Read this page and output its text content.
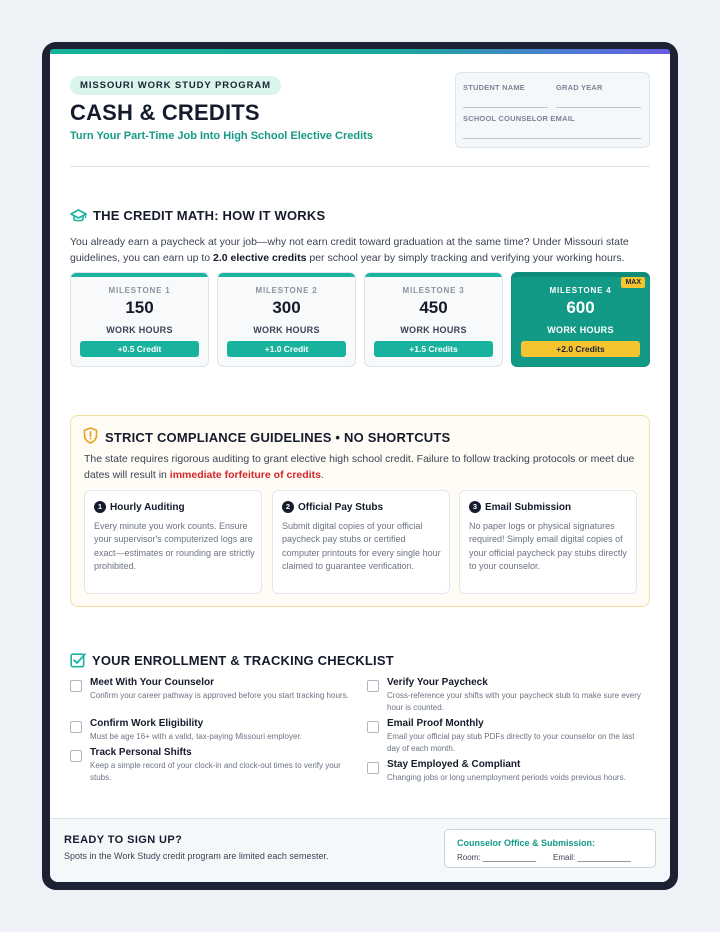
MISSOURI WORK STUDY PROGRAM
CASH & CREDITS
Turn Your Part-Time Job Into High School Elective Credits
STUDENT NAME	GRAD YEAR
SCHOOL COUNSELOR EMAIL
THE CREDIT MATH: HOW IT WORKS
You already earn a paycheck at your job—why not earn credit toward graduation at the same time? Under Missouri state guidelines, you can earn up to 2.0 elective credits per school year by simply tracking and verifying your working hours.
MILESTONE 1
150
WORK HOURS
+0.5 Credit
MILESTONE 2
300
WORK HOURS
+1.0 Credit
MILESTONE 3
450
WORK HOURS
+1.5 Credits
MAX
MILESTONE 4
600
WORK HOURS
+2.0 Credits
STRICT COMPLIANCE GUIDELINES • NO SHORTCUTS
The state requires rigorous auditing to grant elective high school credit. Failure to follow tracking protocols or meet due dates will result in immediate forfeiture of credits.
1 Hourly Auditing
Every minute you work counts. Ensure your supervisor's computerized logs are exact—estimates or rounding are strictly prohibited.
2 Official Pay Stubs
Submit digital copies of your official paycheck pay stubs or certified computer printouts for every single hour claimed to guarantee verification.
3 Email Submission
No paper logs or physical signatures required! Simply email digital copies of your official paycheck pay stubs directly to your counselor.
YOUR ENROLLMENT & TRACKING CHECKLIST
Meet With Your Counselor
Confirm your career pathway is approved before you start tracking hours.
Confirm Work Eligibility
Must be age 16+ with a valid, tax-paying Missouri employer.
Track Personal Shifts
Keep a simple record of your clock-in and clock-out times to verify your stubs.
Verify Your Paycheck
Cross-reference your shifts with your paycheck stub to make sure every hour is counted.
Email Proof Monthly
Email your official pay stub PDFs directly to your counselor on the last day of each month.
Stay Employed & Compliant
Changing jobs or long unemployment periods voids previous hours.
READY TO SIGN UP?
Spots in the Work Study credit program are limited each semester.
Counselor Office & Submission:
Room: ____________ Email: ____________
